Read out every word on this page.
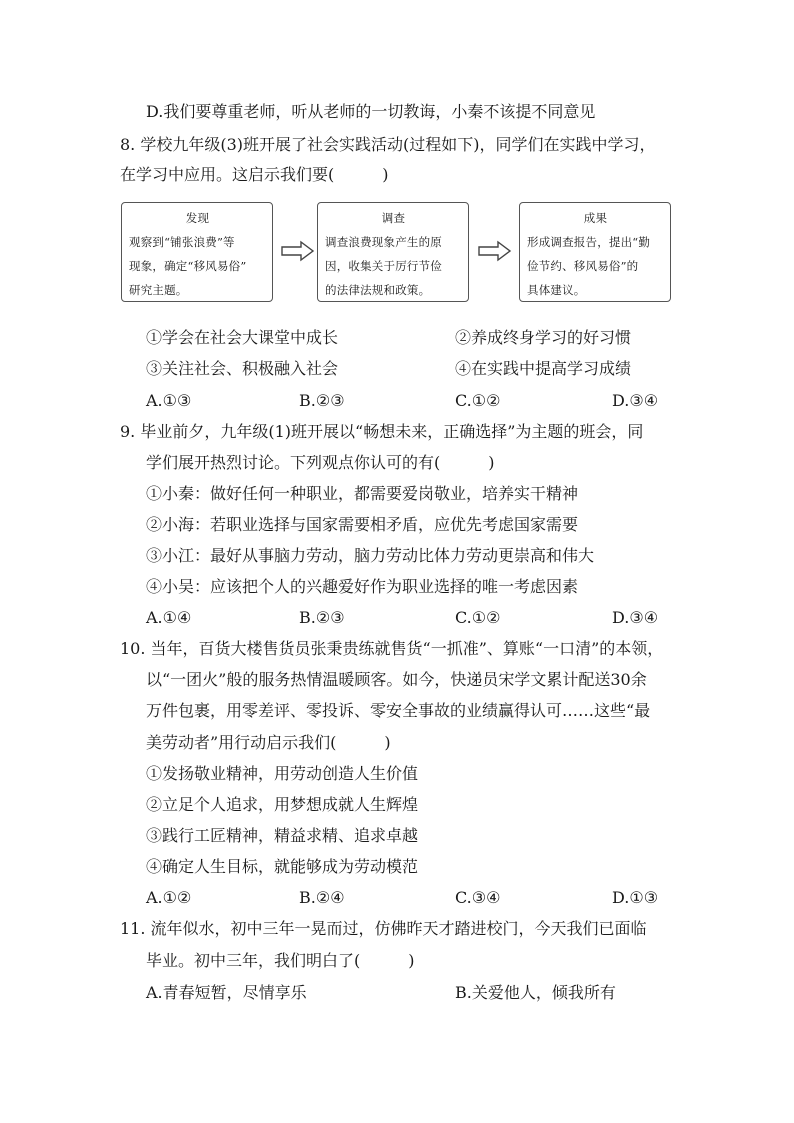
D.我们要尊重老师，听从老师的一切教诲，小秦不该提不同意见
8. 学校九年级(3)班开展了社会实践活动(过程如下)，同学们在实践中学习，
在学习中应用。这启示我们要(　　　)
发现
观察到“铺张浪费”等
现象，确定“移风易俗”
研究主题。
调查
调查浪费现象产生的原
因，收集关于厉行节俭
的法律法规和政策。
成果
形成调查报告，提出“勤
俭节约、移风易俗”的
具体建议。
①学会在社会大课堂中成长	②养成终身学习的好习惯
③关注社会、积极融入社会	④在实践中提高学习成绩
A.①③	B.②③	C.①②	D.③④
9. 毕业前夕，九年级(1)班开展以“畅想未来，正确选择”为主题的班会，同
学们展开热烈讨论。下列观点你认可的有(　　　)
①小秦：做好任何一种职业，都需要爱岗敬业，培养实干精神
②小海：若职业选择与国家需要相矛盾，应优先考虑国家需要
③小江：最好从事脑力劳动，脑力劳动比体力劳动更崇高和伟大
④小吴：应该把个人的兴趣爱好作为职业选择的唯一考虑因素
A.①④	B.②③	C.①②	D.③④
10. 当年，百货大楼售货员张秉贵练就售货“一抓准”、算账“一口清”的本领，
以“一团火”般的服务热情温暖顾客。如今，快递员宋学文累计配送30余
万件包裹，用零差评、零投诉、零安全事故的业绩赢得认可……这些“最
美劳动者”用行动启示我们(　　　)
①发扬敬业精神，用劳动创造人生价值
②立足个人追求，用梦想成就人生辉煌
③践行工匠精神，精益求精、追求卓越
④确定人生目标，就能够成为劳动模范
A.①②	B.②④	C.③④	D.①③
11. 流年似水，初中三年一晃而过，仿佛昨天才踏进校门，今天我们已面临
毕业。初中三年，我们明白了(　　　)
A.青春短暂，尽情享乐	B.关爱他人，倾我所有
